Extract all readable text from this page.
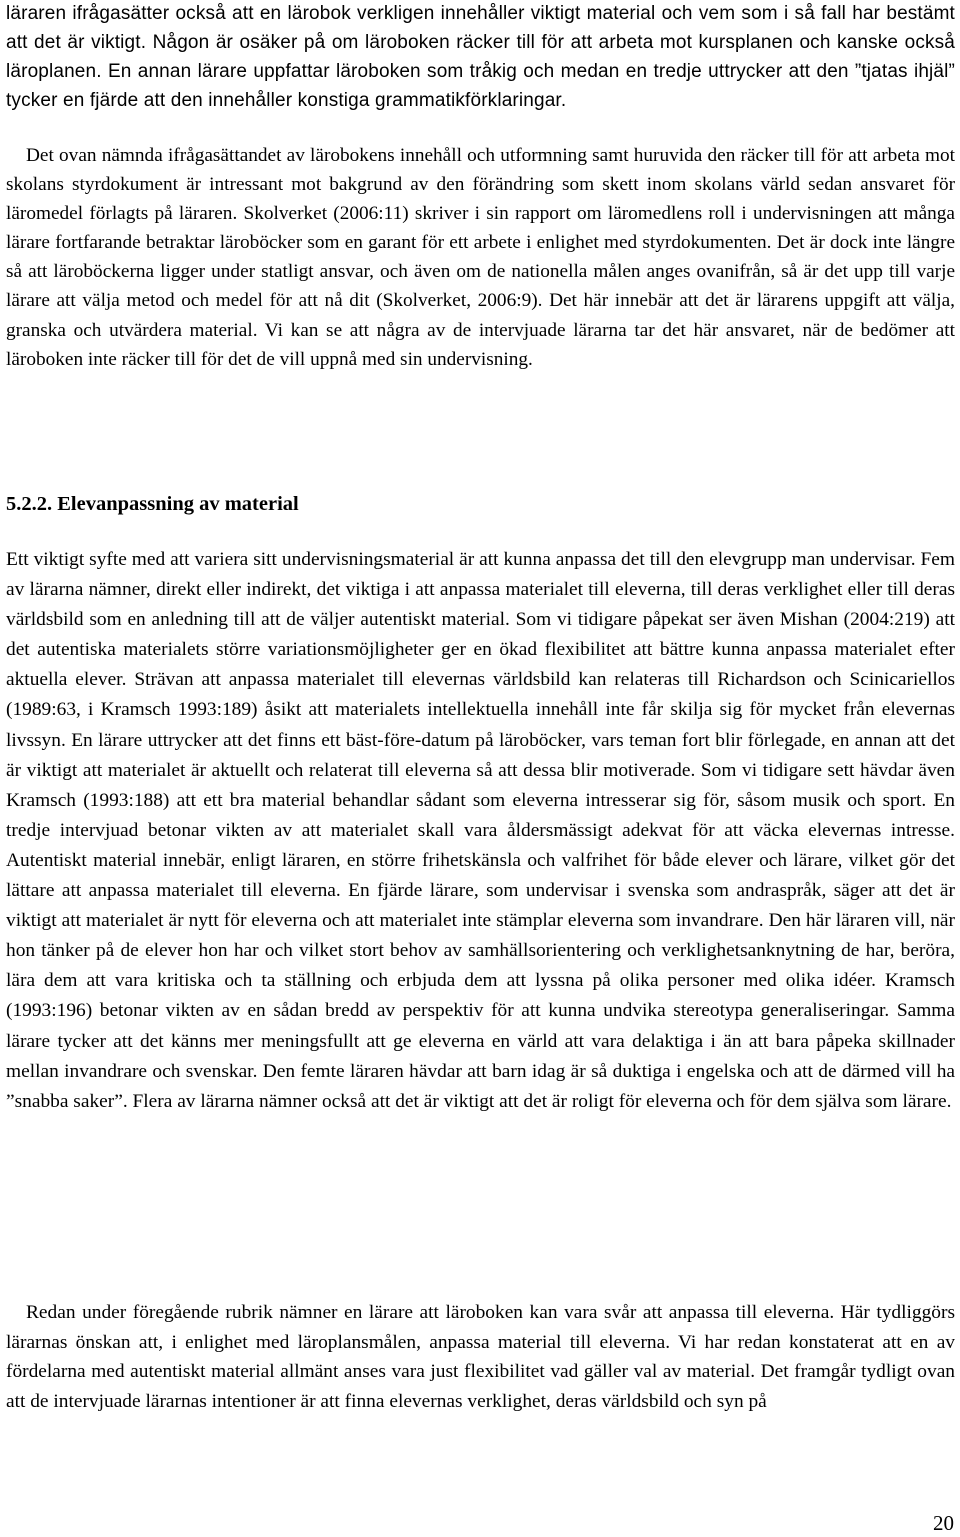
läraren ifrågasätter också att en lärobok verkligen innehåller viktigt material och vem som i så fall har bestämt att det är viktigt. Någon är osäker på om läroboken räcker till för att arbeta mot kursplanen och kanske också läroplanen. En annan lärare uppfattar läroboken som tråkig och medan en tredje uttrycker att den ”tjatas ihjäl” tycker en fjärde att den innehåller konstiga grammatikförklaringar.

Det ovan nämnda ifrågasättandet av lärobokens innehåll och utformning samt huruvida den räcker till för att arbeta mot skolans styrdokument är intressant mot bakgrund av den förändring som skett inom skolans värld sedan ansvaret för läromedel förlagts på läraren. Skolverket (2006:11) skriver i sin rapport om läromedlens roll i undervisningen att många lärare fortfarande betraktar läroböcker som en garant för ett arbete i enlighet med styrdokumenten. Det är dock inte längre så att läroböckerna ligger under statligt ansvar, och även om de nationella målen anges ovanifrån, så är det upp till varje lärare att välja metod och medel för att nå dit (Skolverket, 2006:9). Det här innebär att det är lärarens uppgift att välja, granska och utvärdera material. Vi kan se att några av de intervjuade lärarna tar det här ansvaret, när de bedömer att läroboken inte räcker till för det de vill uppnå med sin undervisning.

5.2.2. Elevanpassning av material

Ett viktigt syfte med att variera sitt undervisningsmaterial är att kunna anpassa det till den elevgrupp man undervisar. Fem av lärarna nämner, direkt eller indirekt, det viktiga i att anpassa materialet till eleverna, till deras verklighet eller till deras världsbild som en anledning till att de väljer autentiskt material. Som vi tidigare påpekat ser även Mishan (2004:219) att det autentiska materialets större variationsmöjligheter ger en ökad flexibilitet att bättre kunna anpassa materialet efter aktuella elever. Strävan att anpassa materialet till elevernas världsbild kan relateras till Richardson och Scinicariellos (1989:63, i Kramsch 1993:189) åsikt att materialets intellektuella innehåll inte får skilja sig för mycket från elevernas livssyn. En lärare uttrycker att det finns ett bäst-före-datum på läroböcker, vars teman fort blir förlegade, en annan att det är viktigt att materialet är aktuellt och relaterat till eleverna så att dessa blir motiverade. Som vi tidigare sett hävdar även Kramsch (1993:188) att ett bra material behandlar sådant som eleverna intresserar sig för, såsom musik och sport. En tredje intervjuad betonar vikten av att materialet skall vara åldersmässigt adekvat för att väcka elevernas intresse. Autentiskt material innebär, enligt läraren, en större frihetskänsla och valfrihet för både elever och lärare, vilket gör det lättare att anpassa materialet till eleverna. En fjärde lärare, som undervisar i svenska som andraspråk, säger att det är viktigt att materialet är nytt för eleverna och att materialet inte stämplar eleverna som invandrare. Den här läraren vill, när hon tänker på de elever hon har och vilket stort behov av samhällsorientering och verklighetsanknytning de har, beröra, lära dem att vara kritiska och ta ställning och erbjuda dem att lyssna på olika personer med olika idéer. Kramsch (1993:196) betonar vikten av en sådan bredd av perspektiv för att kunna undvika stereotypa generaliseringar. Samma lärare tycker att det känns mer meningsfullt att ge eleverna en värld att vara delaktiga i än att bara påpeka skillnader mellan invandrare och svenskar. Den femte läraren hävdar att barn idag är så duktiga i engelska och att de därmed vill ha ”snabba saker”. Flera av lärarna nämner också att det är viktigt att det är roligt för eleverna och för dem själva som lärare.

Redan under föregående rubrik nämner en lärare att läroboken kan vara svår att anpassa till eleverna. Här tydliggörs lärarnas önskan att, i enlighet med läroplansmålen, anpassa material till eleverna. Vi har redan konstaterat att en av fördelarna med autentiskt material allmänt anses vara just flexibilitet vad gäller val av material. Det framgår tydligt ovan att de intervjuade lärarnas intentioner är att finna elevernas verklighet, deras världsbild och syn på

20
